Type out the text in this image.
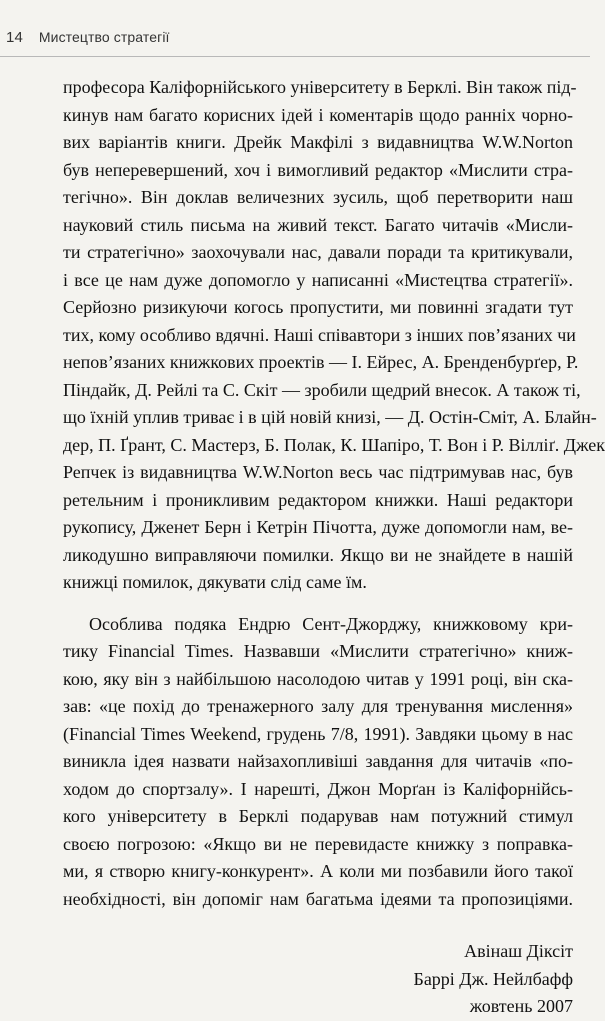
14 Мистецтво стратегії
професора Каліфорнійського університету в Берклі. Він також під-
кинув нам багато корисних ідей і коментарів щодо ранніх чорно-
вих варіантів книги. Дрейк Макфілі з видавництва W.W.Norton
був неперевершений, хоч і вимогливий редактор «Мислити стра-
тегічно». Він доклав величезних зусиль, щоб перетворити наш
науковий стиль письма на живий текст. Багато читачів «Мисли-
ти стратегічно» заохочували нас, давали поради та критикували,
і все це нам дуже допомогло у написанні «Мистецтва стратегії».
Серйозно ризикуючи когось пропустити, ми повинні згадати тут
тих, кому особливо вдячні. Наші співавтори з інших пов’язаних чи
непов’язаних книжкових проектів — І. Ейрес, А. Бренденбурґер, Р.
Піндайк, Д. Рейлі та С. Скіт — зробили щедрий внесок. А також ті,
що їхній уплив триває і в цій новій книзі, — Д. Остін-Сміт, А. Блайн-
дер, П. Ґрант, С. Мастерз, Б. Полак, К. Шапіро, Т. Вон і Р. Віллiґ. Джек
Репчек із видавництва W.W.Norton весь час підтримував нас, був
ретельним і проникливим редактором книжки. Наші редактори
рукопису, Дженет Берн і Кетрін Пічотта, дуже допомогли нам, ве-
ликодушно виправляючи помилки. Якщо ви не знайдете в нашій
книжці помилок, дякувати слід саме їм.
Особлива подяка Ендрю Сент-Джорджу, книжковому кри-
тику Financial Times. Назвавши «Мислити стратегічно» книж-
кою, яку він з найбільшою насолодою читав у 1991 році, він ска-
зав: «це похід до тренажерного залу для тренування мислення»
(Financial Times Weekend, грудень 7/8, 1991). Завдяки цьому в нас
виникла ідея назвати найзахопливіші завдання для читачів «по-
ходом до спортзалу». І нарешті, Джон Морґан із Каліфорнійсь-
кого університету в Берклі подарував нам потужний стимул
своєю погрозою: «Якщо ви не перевидасте книжку з поправка-
ми, я створю книгу-конкурент». А коли ми позбавили його такої
необхідності, він допоміг нам багатьма ідеями та пропозиціями.
Авінаш Діксіт
Баррі Дж. Нейлбафф
жовтень 2007
